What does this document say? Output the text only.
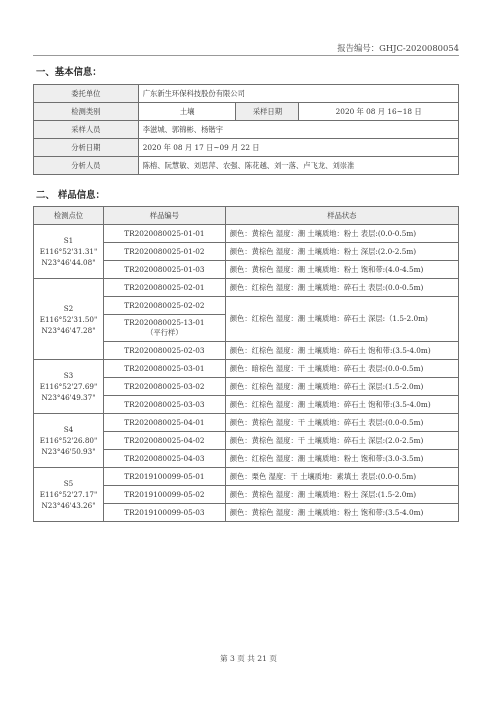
报告编号：GHJC-2020080054
一、基本信息：
委托单位	广东新生环保科技股份有限公司		
检测类别	土壤	采样日期	2020 年 08 月 16~18 日
采样人员	李滋城、郭锦彬、杨锴宇		
分析日期	2020 年 08 月 17 日~09 月 22 日		
分析人员	陈榕、阮慧敏、刘思萍、农强、陈花越、刘一落、卢飞龙、刘崇准		
二、 样品信息：
检测点位	样品编号	样品状态

S1
E116°52'31.31"
N23°46'44.08"	TR2020080025-01-01	颜色：黄棕色 湿度：潮 土壤质地：粉土 表层:(0.0-0.5m)
	TR2020080025-01-02	颜色：黄棕色 湿度：潮 土壤质地：粉土 深层:(2.0-2.5m)
	TR2020080025-01-03	颜色：黄棕色 湿度：潮 土壤质地：粉土 饱和带:(4.0-4.5m)

S2
E116°52'31.50"
N23°46'47.28"	TR2020080025-02-01	颜色：红棕色 湿度：潮 土壤质地：碎石土 表层:(0.0-0.5m)
	TR2020080025-02-02	颜色：红棕色 湿度：潮 土壤质地：碎石土 深层:（1.5-2.0m)

	TR2020080025-13-01
（平行样）	

	TR2020080025-02-03	颜色：红棕色 湿度：潮 土壤质地：碎石土 饱和带:(3.5-4.0m)

S3
E116°52'27.69"
N23°46'49.37"	TR2020080025-03-01	颜色：暗棕色 湿度：干 土壤质地：碎石土 表层:(0.0-0.5m)
	TR2020080025-03-02	颜色：红棕色 湿度：潮 土壤质地：碎石土 深层:(1.5-2.0m)
	TR2020080025-03-03	颜色：红棕色 湿度：潮 土壤质地：碎石土 饱和带:(3.5-4.0m)

S4
E116°52'26.80"
N23°46'50.93"	TR2020080025-04-01	颜色：黄棕色 湿度：干 土壤质地：碎石土 表层:(0.0-0.5m)
	TR2020080025-04-02	颜色：黄棕色 湿度：干 土壤质地：碎石土 深层:(2.0-2.5m)
	TR2020080025-04-03	颜色：红棕色 湿度：潮 土壤质地：粉土 饱和带:(3.0-3.5m)

S5
E116°52'27.17"
N23°46'43.26"	TR2019100099-05-01	颜色：栗色 湿度：干 土壤质地：素填土 表层:(0.0-0.5m)
	TR2019100099-05-02	颜色：黄棕色 湿度：潮 土壤质地：粉土 深层:(1.5-2.0m)
	TR2019100099-05-03	颜色：黄棕色 湿度：潮 土壤质地：粉土 饱和带:(3.5-4.0m)
第 3 页 共 21 页
